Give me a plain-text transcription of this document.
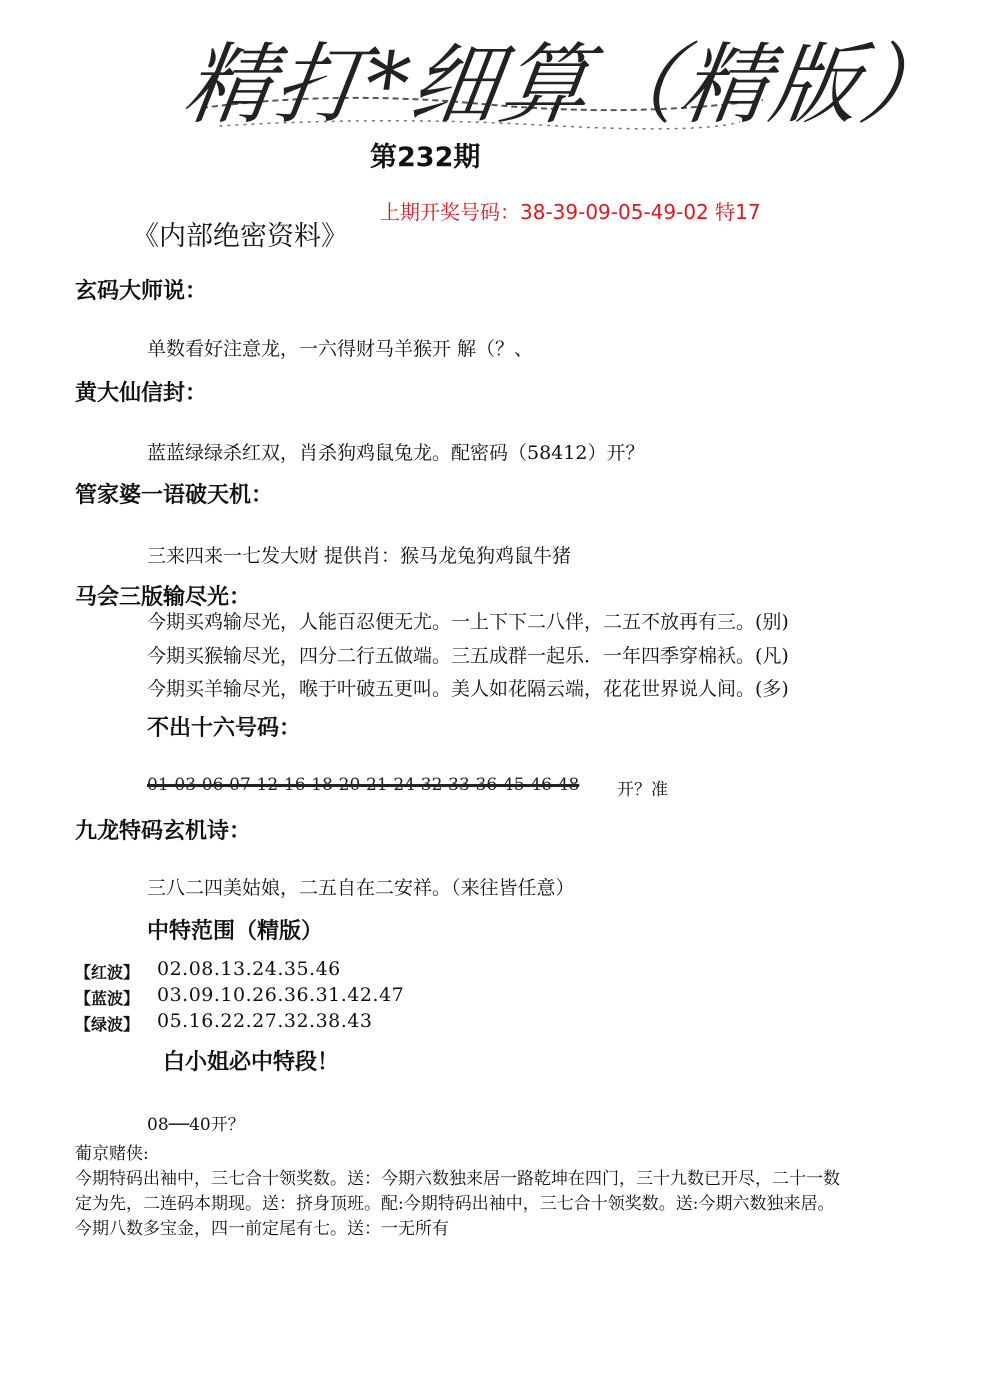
精打*细算（精版）
第232期
上期开奖号码：38-39-09-05-49-02 特17
《内部绝密资料》
玄码大师说：
单数看好注意龙，一六得财马羊猴开 解（？、
黄大仙信封：
蓝蓝绿绿杀红双，肖杀狗鸡鼠兔龙。配密码（58412）开？
管家婆一语破天机：
三来四来一七发大财 提供肖：猴马龙兔狗鸡鼠牛猪
马会三版输尽光：
今期买鸡输尽光，人能百忍便无尤。一上下下二八伴，二五不放再有三。(别)
今期买猴输尽光，四分二行五做端。三五成群一起乐．一年四季穿棉袄。(凡)
今期买羊输尽光，喉于叶破五更叫。美人如花隔云端，花花世界说人间。(多)
不出十六号码：
01-03-06-07-12-16-18-20-21-24-32-33-36-45-46-48 开？准
九龙特码玄机诗：
三八二四美姑娘，二五自在二安祥。（来往皆任意）
中特范围（精版）
【红波】 02.08.13.24.35.46
【蓝波】 03.09.10.26.36.31.42.47
【绿波】 05.16.22.27.32.38.43
白小姐必中特段！
08──40开？
葡京赌侠:
今期特码出袖中，三七合十领奖数。送：今期六数独来居一路乾坤在四门，三十九数已开尽，二十一数
定为先，二连码本期现。送：挤身顶班。配:今期特码出袖中，三七合十领奖数。送:今期六数独来居。
今期八数多宝金，四一前定尾有七。送：一无所有
